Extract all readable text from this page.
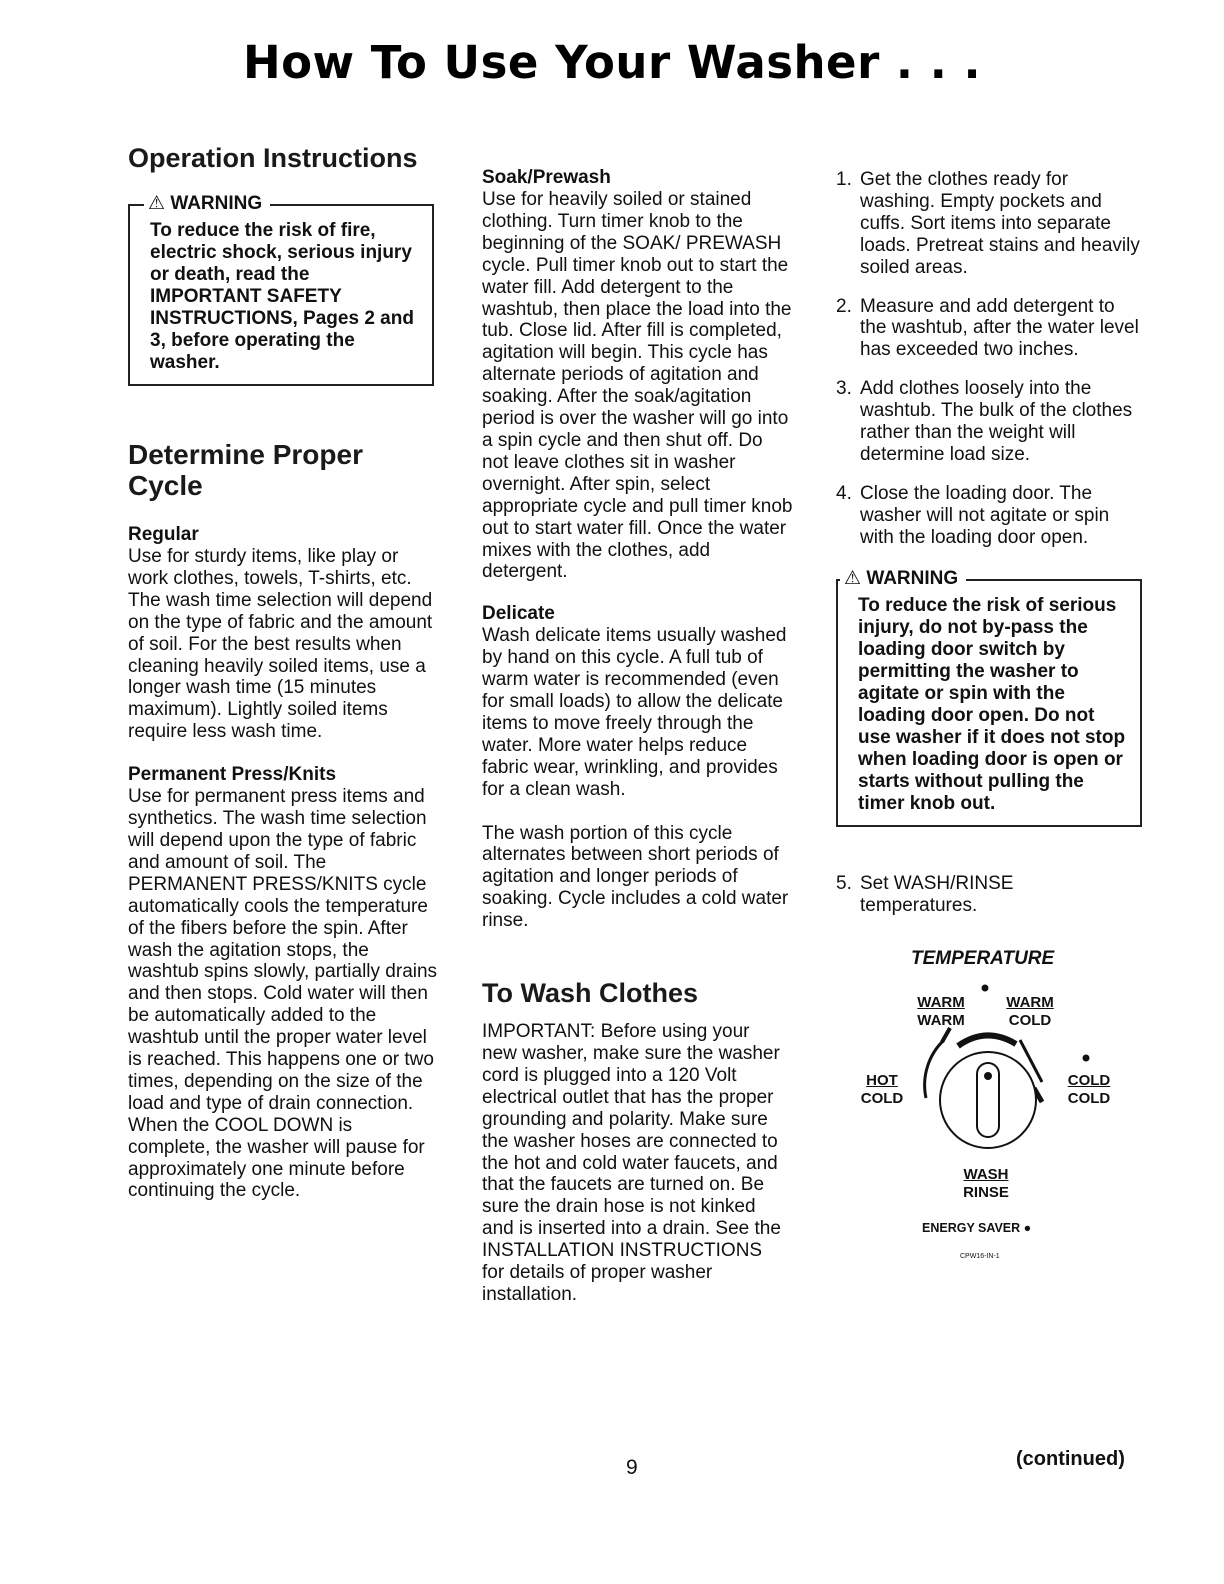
How To Use Your Washer . . .
Operation Instructions
⚠ WARNING

To reduce the risk of fire, electric shock, serious injury or death, read the IMPORTANT SAFETY INSTRUCTIONS, Pages 2 and 3, before operating the washer.

Determine Proper Cycle

Regular

Use for sturdy items, like play or work clothes, towels, T-shirts, etc. The wash time selection will depend on the type of fabric and the amount of soil. For the best results when cleaning heavily soiled items, use a longer wash time (15 minutes maximum). Lightly soiled items require less wash time.

Permanent Press/Knits

Use for permanent press items and synthetics. The wash time selection will depend upon the type of fabric and amount of soil. The PERMANENT PRESS/KNITS cycle automatically cools the temperature of the fibers before the spin. After wash the agitation stops, the washtub spins slowly, partially drains and then stops. Cold water will then be automatically added to the washtub until the proper water level is reached. This happens one or two times, depending on the size of the load and type of drain connection. When the COOL DOWN is complete, the washer will pause for approximately one minute before continuing the cycle.

Soak/Prewash

Use for heavily soiled or stained clothing. Turn timer knob to the beginning of the SOAK/ PREWASH cycle. Pull timer knob out to start the water fill. Add detergent to the washtub, then place the load into the tub. Close lid. After fill is completed, agitation will begin. This cycle has alternate periods of agitation and soaking. After the soak/agitation period is over the washer will go into a spin cycle and then shut off. Do not leave clothes sit in washer overnight. After spin, select appropriate cycle and pull timer knob out to start water fill. Once the water mixes with the clothes, add detergent.

Delicate

Wash delicate items usually washed by hand on this cycle. A full tub of warm water is recommended (even for small loads) to allow the delicate items to move freely through the water. More water helps reduce fabric wear, wrinkling, and provides for a clean wash.

The wash portion of this cycle alternates between short periods of agitation and longer periods of soaking. Cycle includes a cold water rinse.

To Wash Clothes

IMPORTANT: Before using your new washer, make sure the washer cord is plugged into a 120 Volt electrical outlet that has the proper grounding and polarity. Make sure the washer hoses are connected to the hot and cold water faucets, and that the faucets are turned on. Be sure the drain hose is not kinked and is inserted into a drain. See the INSTALLATION INSTRUCTIONS for details of proper washer installation.

1. Get the clothes ready for washing. Empty pockets and cuffs. Sort items into separate loads. Pretreat stains and heavily soiled areas.
2. Measure and add detergent to the washtub, after the water level has exceeded two inches.
3. Add clothes loosely into the washtub. The bulk of the clothes rather than the weight will determine load size.
4. Close the loading door. The washer will not agitate or spin with the loading door open.
⚠ WARNING

To reduce the risk of serious injury, do not by-pass the loading door switch by permitting the washer to agitate or spin with the loading door open. Do not use washer if it does not stop when loading door is open or starts without pulling the timer knob out.

5. Set WASH/RINSE temperatures.
TEMPERATURE
WARM
WARM
WARM
COLD
HOT
COLD
COLD
COLD
WASH
RINSE
ENERGY SAVER ●
CPW16-IN-1
9	(continued)
